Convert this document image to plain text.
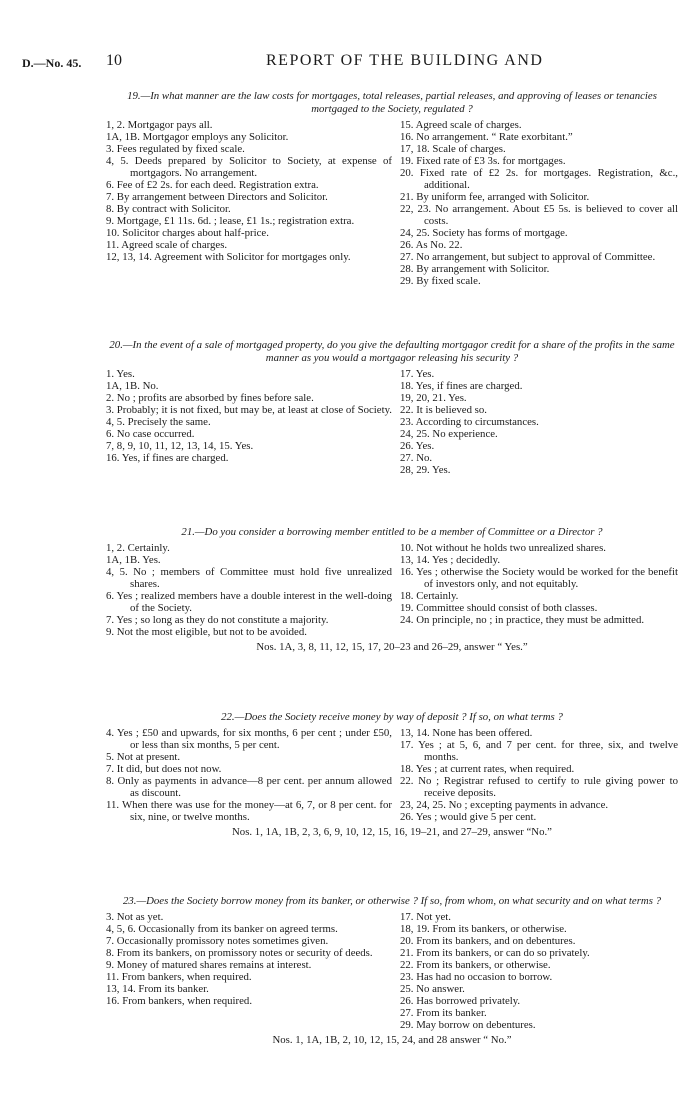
D.—No. 45. 10	REPORT OF THE BUILDING AND
19.—In what manner are the law costs for mortgages, total releases, partial releases, and approving of leases or tenancies mortgaged to the Society, regulated ?
1, 2. Mortgagor pays all.
1A, 1B. Mortgagor employs any Solicitor.
3. Fees regulated by fixed scale.
4, 5. Deeds prepared by Solicitor to Society, at expense of mortgagors. No arrangement.
6. Fee of £2 2s. for each deed. Registration extra.
7. By arrangement between Directors and Solicitor.
8. By contract with Solicitor.
9. Mortgage, £1 11s. 6d. ; lease, £1 1s.; registration extra.
10. Solicitor charges about half-price.
11. Agreed scale of charges.
12, 13, 14. Agreement with Solicitor for mortgages only.
15. Agreed scale of charges.
16. No arrangement. “ Rate exorbitant.”
17, 18. Scale of charges.
19. Fixed rate of £3 3s. for mortgages.
20. Fixed rate of £2 2s. for mortgages. Registration, &c., additional.
21. By uniform fee, arranged with Solicitor.
22, 23. No arrangement. About £5 5s. is believed to cover all costs.
24, 25. Society has forms of mortgage.
26. As No. 22.
27. No arrangement, but subject to approval of Committee.
28. By arrangement with Solicitor.
29. By fixed scale.
20.—In the event of a sale of mortgaged property, do you give the defaulting mortgagor credit for a share of the profits in the same manner as you would a mortgagor releasing his security ?
1. Yes.
1A, 1B. No.
2. No ; profits are absorbed by fines before sale.
3. Probably; it is not fixed, but may be, at least at close of Society.
4, 5. Precisely the same.
6. No case occurred.
7, 8, 9, 10, 11, 12, 13, 14, 15. Yes.
16. Yes, if fines are charged.
17. Yes.
18. Yes, if fines are charged.
19, 20, 21. Yes.
22. It is believed so.
23. According to circumstances.
24, 25. No experience.
26. Yes.
27. No.
28, 29. Yes.
21.—Do you consider a borrowing member entitled to be a member of Committee or a Director ?
1, 2. Certainly.
1A, 1B. Yes.
4, 5. No ; members of Committee must hold five unrealized shares.
6. Yes ; realized members have a double interest in the well-doing of the Society.
7. Yes ; so long as they do not constitute a majority.
9. Not the most eligible, but not to be avoided.
10. Not without he holds two unrealized shares.
13, 14. Yes ; decidedly.
16. Yes ; otherwise the Society would be worked for the benefit of investors only, and not equitably.
18. Certainly.
19. Committee should consist of both classes.
24. On principle, no ; in practice, they must be admitted.
Nos. 1A, 3, 8, 11, 12, 15, 17, 20–23 and 26–29, answer “ Yes.”
22.—Does the Society receive money by way of deposit ? If so, on what terms ?
4. Yes ; £50 and upwards, for six months, 6 per cent ; under £50, or less than six months, 5 per cent.
5. Not at present.
7. It did, but does not now.
8. Only as payments in advance—8 per cent. per annum allowed as discount.
11. When there was use for the money—at 6, 7, or 8 per cent. for six, nine, or twelve months.
13, 14. None has been offered.
17. Yes ; at 5, 6, and 7 per cent. for three, six, and twelve months.
18. Yes ; at current rates, when required.
22. No ; Registrar refused to certify to rule giving power to receive deposits.
23, 24, 25. No ; excepting payments in advance.
26. Yes ; would give 5 per cent.
Nos. 1, 1A, 1B, 2, 3, 6, 9, 10, 12, 15, 16, 19–21, and 27–29, answer “No.”
23.—Does the Society borrow money from its banker, or otherwise ? If so, from whom, on what security and on what terms ?
3. Not as yet.
4, 5, 6. Occasionally from its banker on agreed terms.
7. Occasionally promissory notes sometimes given.
8. From its bankers, on promissory notes or security of deeds.
9. Money of matured shares remains at interest.
11. From bankers, when required.
13, 14. From its banker.
16. From bankers, when required.
17. Not yet.
18, 19. From its bankers, or otherwise.
20. From its bankers, and on debentures.
21. From its bankers, or can do so privately.
22. From its bankers, or otherwise.
23. Has had no occasion to borrow.
25. No answer.
26. Has borrowed privately.
27. From its banker.
29. May borrow on debentures.
Nos. 1, 1A, 1B, 2, 10, 12, 15, 24, and 28 answer “ No.”
